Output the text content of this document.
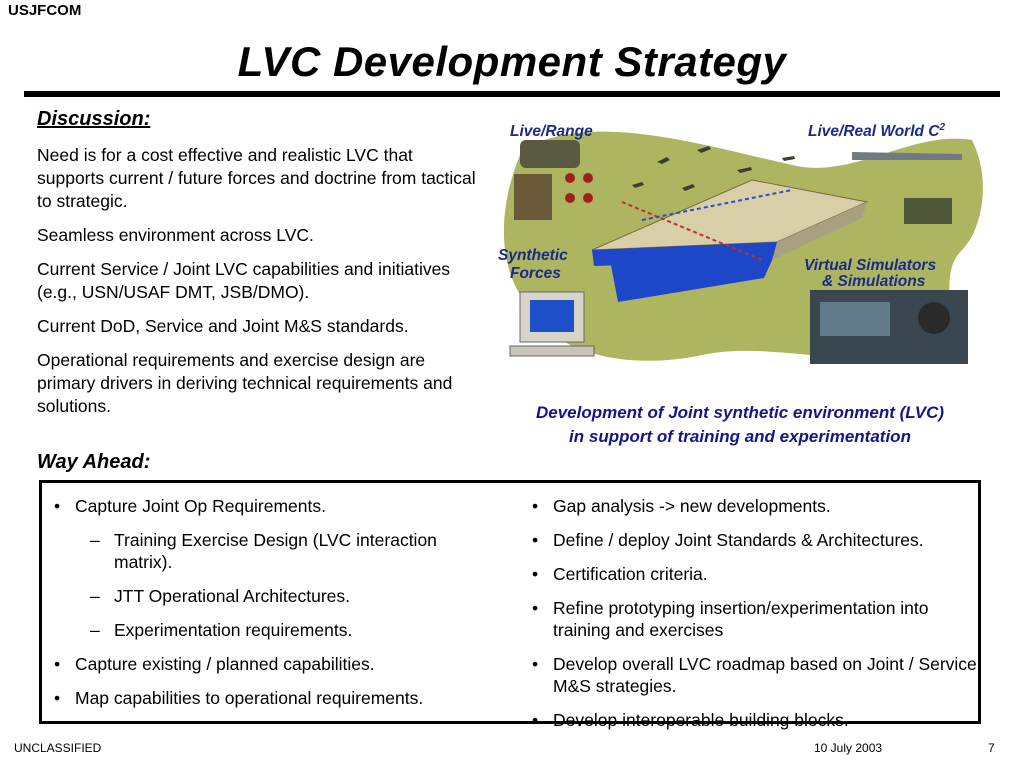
USJFCOM
LVC Development Strategy
Discussion:

Need is for a cost effective and realistic LVC that supports current / future forces and doctrine from tactical to strategic.

Seamless environment across LVC.

Current Service / Joint LVC capabilities and initiatives (e.g., USN/USAF DMT, JSB/DMO).

Current DoD, Service and Joint M&S standards.

Operational requirements and exercise design are primary drivers in deriving technical requirements and solutions.

Live/Range	Live/Real World $C^2$
Synthetic
Forces	Virtual Simulators
& Simulations
Development of Joint synthetic environment (LVC)
in support of training and experimentation
Way Ahead:
• Capture Joint Op Requirements.
– Training Exercise Design (LVC interaction matrix).
– JTT Operational Architectures.
– Experimentation requirements.
• Capture existing / planned capabilities.
• Map capabilities to operational requirements.
• Gap analysis -> new developments.
• Define / deploy Joint Standards & Architectures.
• Certification criteria.
• Refine prototyping insertion/experimentation into training and exercises
• Develop overall LVC roadmap based on Joint / Service M&S strategies.
• Develop interoperable building blocks.
UNCLASSIFIED	10 July 2003	7
